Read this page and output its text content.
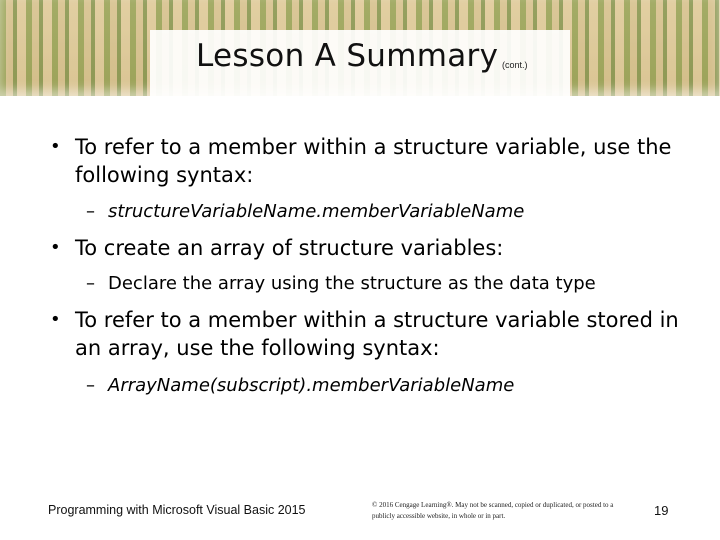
Lesson A Summary (cont.)
• To refer to a member within a structure variable, use the following syntax:
– structureVariableName.memberVariableName
• To create an array of structure variables:
– Declare the array using the structure as the data type
• To refer to a member within a structure variable stored in an array, use the following syntax:
– ArrayName(subscript).memberVariableName
Programming with Microsoft Visual Basic 2015	© 2016 Cengage Learning®. May not be scanned, copied or duplicated, or posted to a publicly accessible website, in whole or in part.	19
